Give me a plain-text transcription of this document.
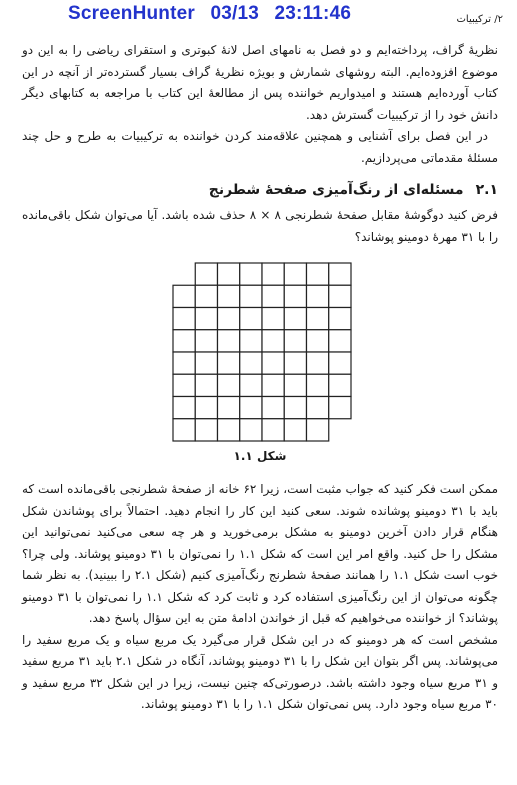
ScreenHunter 03/13 23:11:46	۲/ ترکیبیات

نظریهٔ گراف، پرداخته‌ایم و دو فصل به نامهای اصل لانهٔ کبوتری و استقرای ریاضی را به این دو موضوع افزوده‌ایم. البته روشهای شمارش و بویژه نظریهٔ گراف بسیار گسترده‌تر از آنچه در این کتاب آورده‌ایم هستند و امیدواریم خواننده پس از مطالعهٔ این کتاب با مراجعه به کتابهای دیگر دانش خود را از ترکیبیات گسترش دهد.

در این فصل برای آشنایی و همچنین علاقه‌مند کردن خواننده به ترکیبیات به طرح و حل چند مسئلهٔ مقدماتی می‌پردازیم.

۲.۱
مسئله‌ای از رنگ‌آمیزی صفحهٔ شطرنج

فرض کنید دوگوشهٔ مقابل صفحهٔ شطرنجی ۸ × ۸ حذف شده باشد. آیا می‌توان شکل باقی‌مانده را با ۳۱ مهرهٔ دومینو پوشاند؟

شکل ۱.۱

ممکن است فکر کنید که جواب مثبت است، زیرا ۶۲ خانه از صفحهٔ شطرنجی باقی‌مانده است که باید با ۳۱ دومینو پوشانده شوند. سعی کنید این کار را انجام دهید. احتمالاً برای پوشاندن شکل هنگام قرار دادن آخرین دومینو به مشکل برمی‌خورید و هر چه سعی می‌کنید نمی‌توانید این مشکل را حل کنید. واقع امر این است که شکل ۱.۱ را نمی‌توان با ۳۱ دومینو پوشاند. ولی چرا؟ خوب است شکل ۱.۱ را همانند صفحهٔ شطرنج رنگ‌آمیزی کنیم (شکل ۲.۱ را ببینید). به نظر شما چگونه می‌توان از این رنگ‌آمیزی استفاده کرد و ثابت کرد که شکل ۱.۱ را نمی‌توان با ۳۱ دومینو پوشاند؟ از خواننده می‌خواهیم که قبل از خواندن ادامهٔ متن به این سؤال پاسخ دهد.

مشخص است که هر دومینو که در این شکل قرار می‌گیرد یک مربع سیاه و یک مربع سفید را می‌پوشاند. پس اگر بتوان این شکل را با ۳۱ دومینو پوشاند، آنگاه در شکل ۲.۱ باید ۳۱ مربع سفید و ۳۱ مربع سیاه وجود داشته باشد. درصورتی‌که چنین نیست، زیرا در این شکل ۳۲ مربع سفید و ۳۰ مربع سیاه وجود دارد. پس نمی‌توان شکل ۱.۱ را با ۳۱ دومینو پوشاند.
